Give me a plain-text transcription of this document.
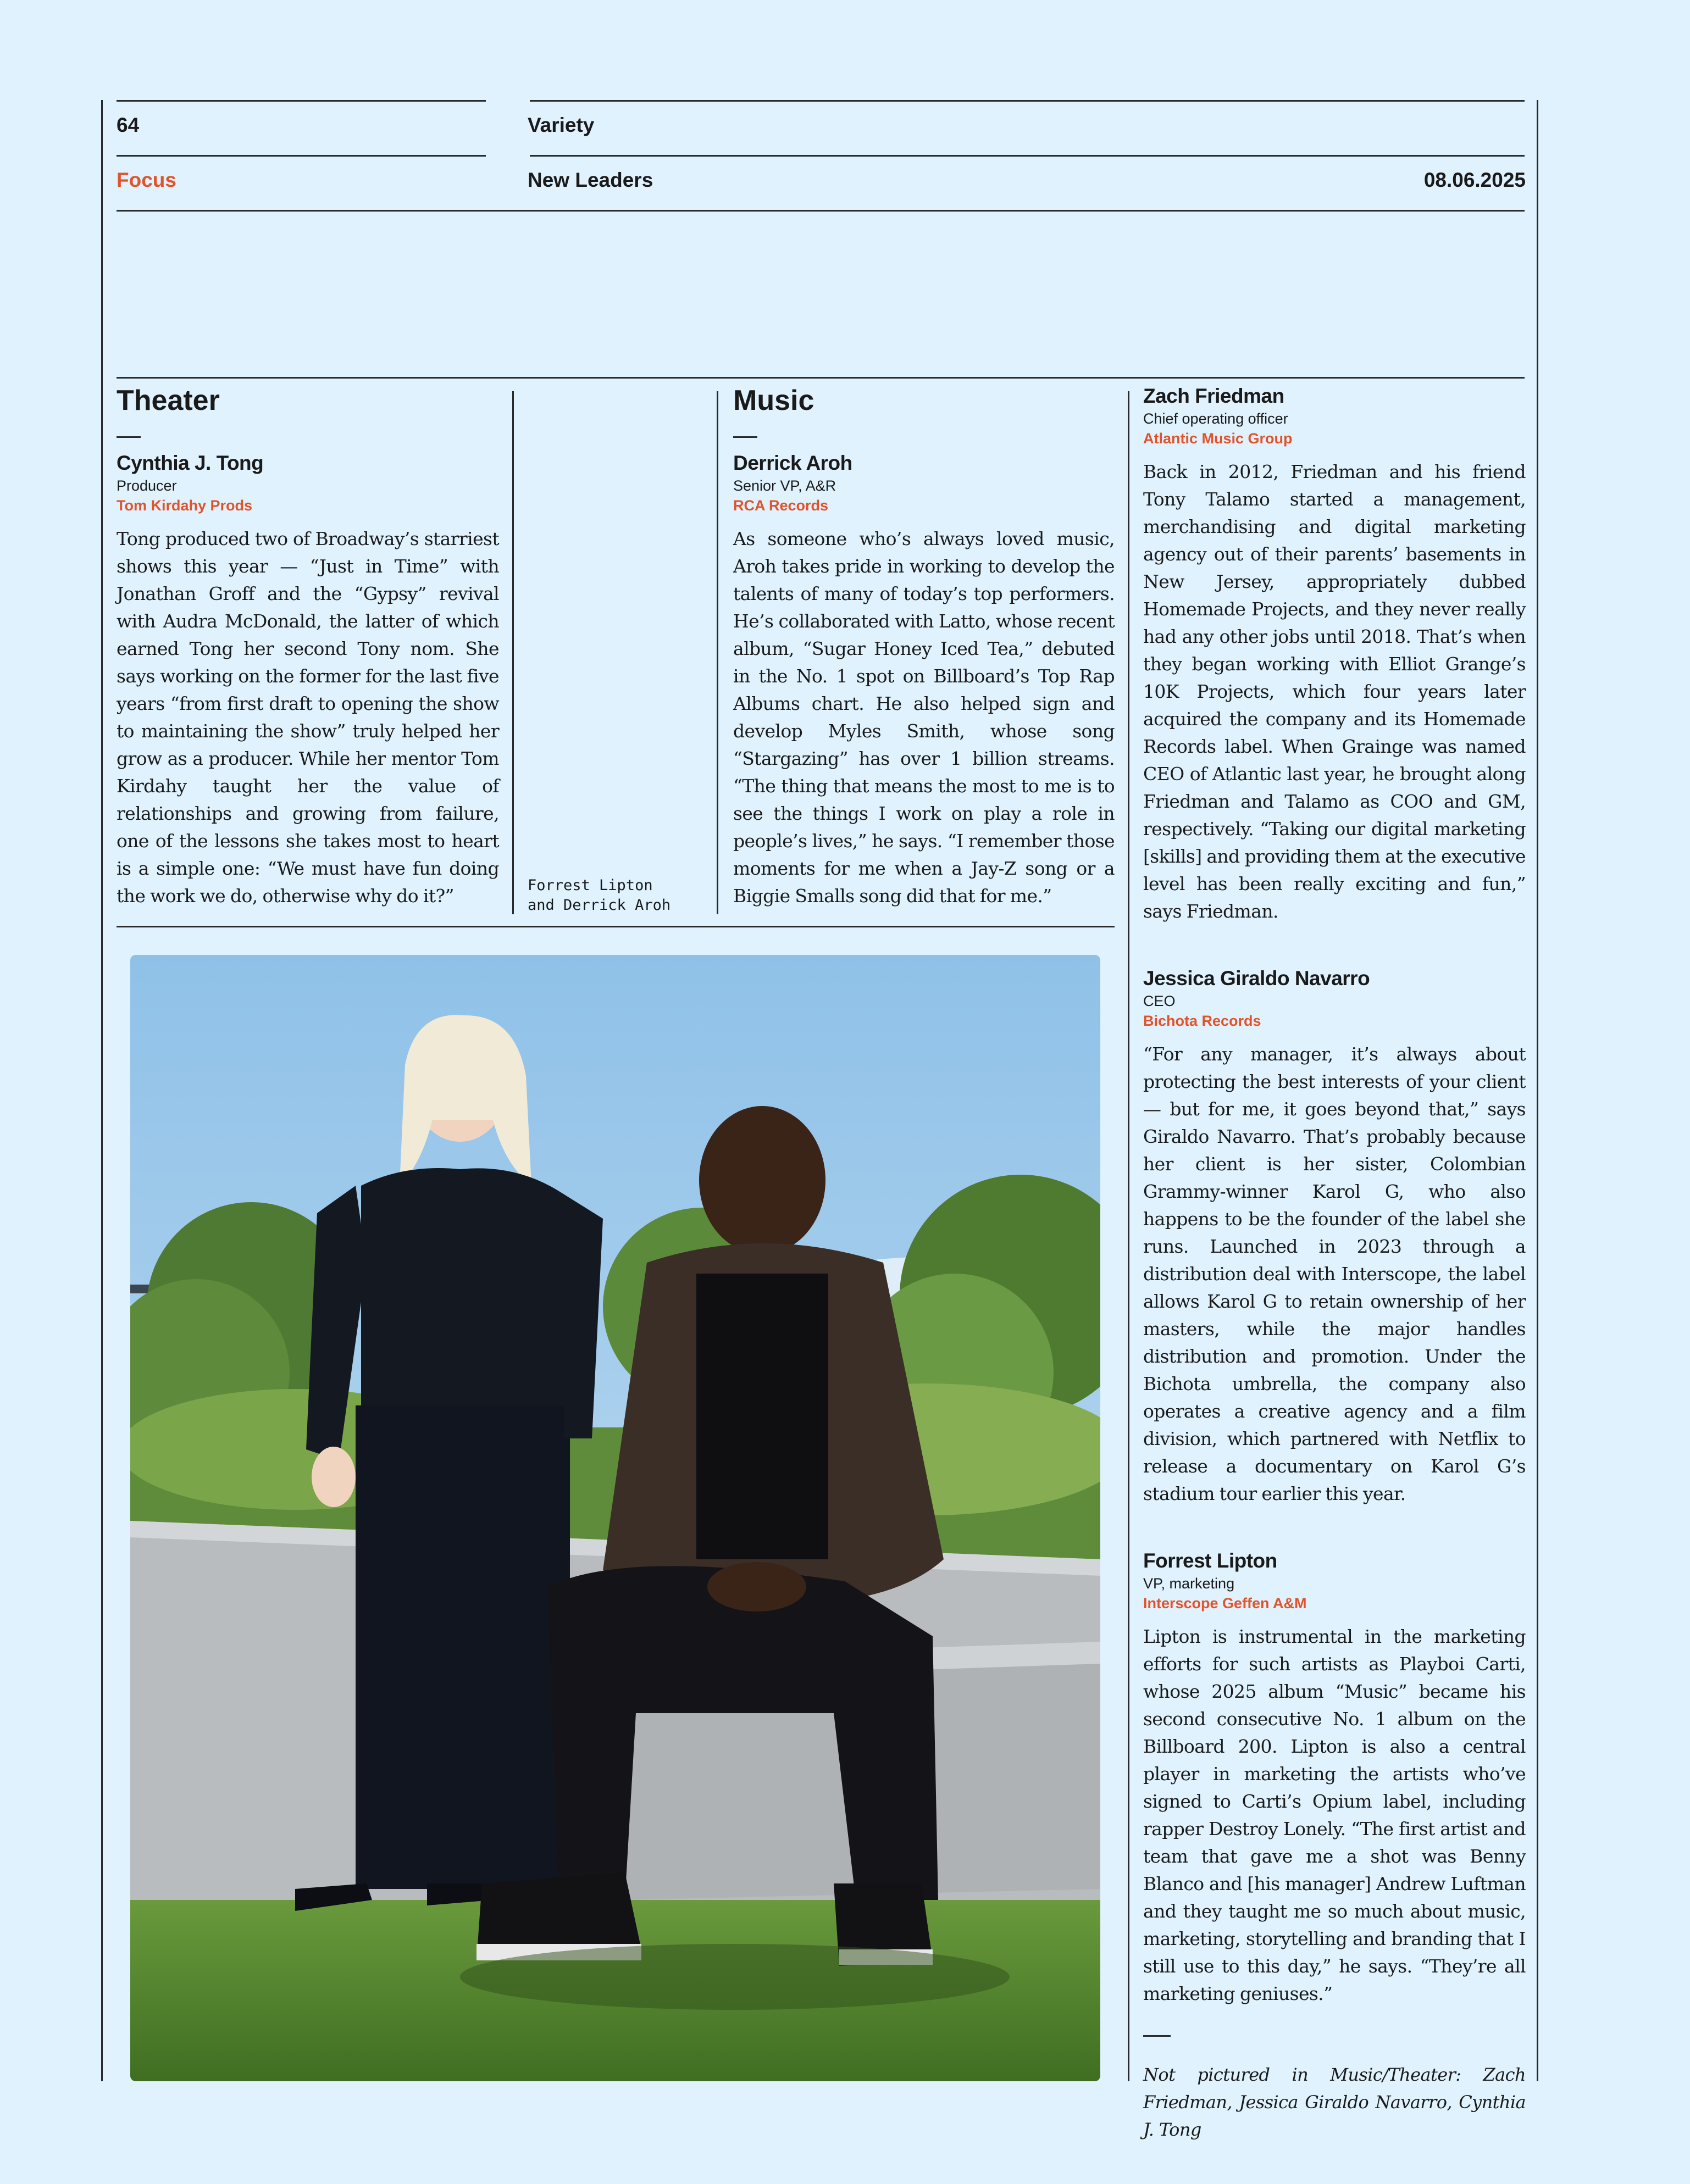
64	Variety
Focus	New Leaders	08.06.2025
Theater
Cynthia J. Tong
Producer
Tom Kirdahy Prods
Tong produced two of Broadway’s starriest shows this year — “Just in Time” with Jonathan Groff and the “Gypsy” revival with Audra McDonald, the latter of which earned Tong her second Tony nom. She says working on the former for the last five years “from first draft to opening the show to maintaining the show” truly helped her grow as a producer. While her mentor Tom Kirdahy taught her the value of relationships and growing from failure, one of the lessons she takes most to heart is a simple one: “We must have fun doing the work we do, otherwise why do it?”	Forrest Lipton
and Derrick Aroh
Music
Derrick Aroh
Senior VP, A&R
RCA Records
As someone who’s always loved music, Aroh takes pride in working to develop the talents of many of today’s top performers. He’s collaborated with Latto, whose recent album, “Sugar Honey Iced Tea,” debuted in the No. 1 spot on Billboard’s Top Rap Albums chart. He also helped sign and develop Myles Smith, whose song “Stargazing” has over 1 billion streams. “The thing that means the most to me is to see the things I work on play a role in people’s lives,” he says. “I remember those moments for me when a Jay-Z song or a Biggie Smalls song did that for me.”
Zach Friedman
Chief operating officer
Atlantic Music Group
Back in 2012, Friedman and his friend Tony Talamo started a management, merchandising and digital marketing agency out of their parents’ basements in New Jersey, appropriately dubbed Homemade Projects, and they never really had any other jobs until 2018. That’s when they began working with Elliot Grange’s 10K Projects, which four years later acquired the company and its Homemade Records label. When Grainge was named CEO of Atlantic last year, he brought along Friedman and Talamo as COO and GM, respectively. “Taking our digital marketing [skills] and providing them at the executive level has been really exciting and fun,” says Friedman.
Jessica Giraldo Navarro
CEO
Bichota Records
“For any manager, it’s always about protecting the best interests of your client — but for me, it goes beyond that,” says Giraldo Navarro. That’s probably because her client is her sister, Colombian Grammy-winner Karol G, who also happens to be the founder of the label she runs. Launched in 2023 through a distribution deal with Interscope, the label allows Karol G to retain ownership of her masters, while the major handles distribution and promotion. Under the Bichota umbrella, the company also operates a creative agency and a film division, which partnered with Netflix to release a documentary on Karol G’s stadium tour earlier this year.
Forrest Lipton
VP, marketing
Interscope Geffen A&M
Lipton is instrumental in the marketing efforts for such artists as Playboi Carti, whose 2025 album “Music” became his second consecutive No. 1 album on the Billboard 200. Lipton is also a central player in marketing the artists who’ve signed to Carti’s Opium label, including rapper Destroy Lonely. “The first artist and team that gave me a shot was Benny Blanco and [his manager] Andrew Luftman and they taught me so much about music, marketing, storytelling and branding that I still use to this day,” he says. “They’re all marketing geniuses.”
Not pictured in Music/Theater: Zach Friedman, Jessica Giraldo Navarro, Cynthia J. Tong
